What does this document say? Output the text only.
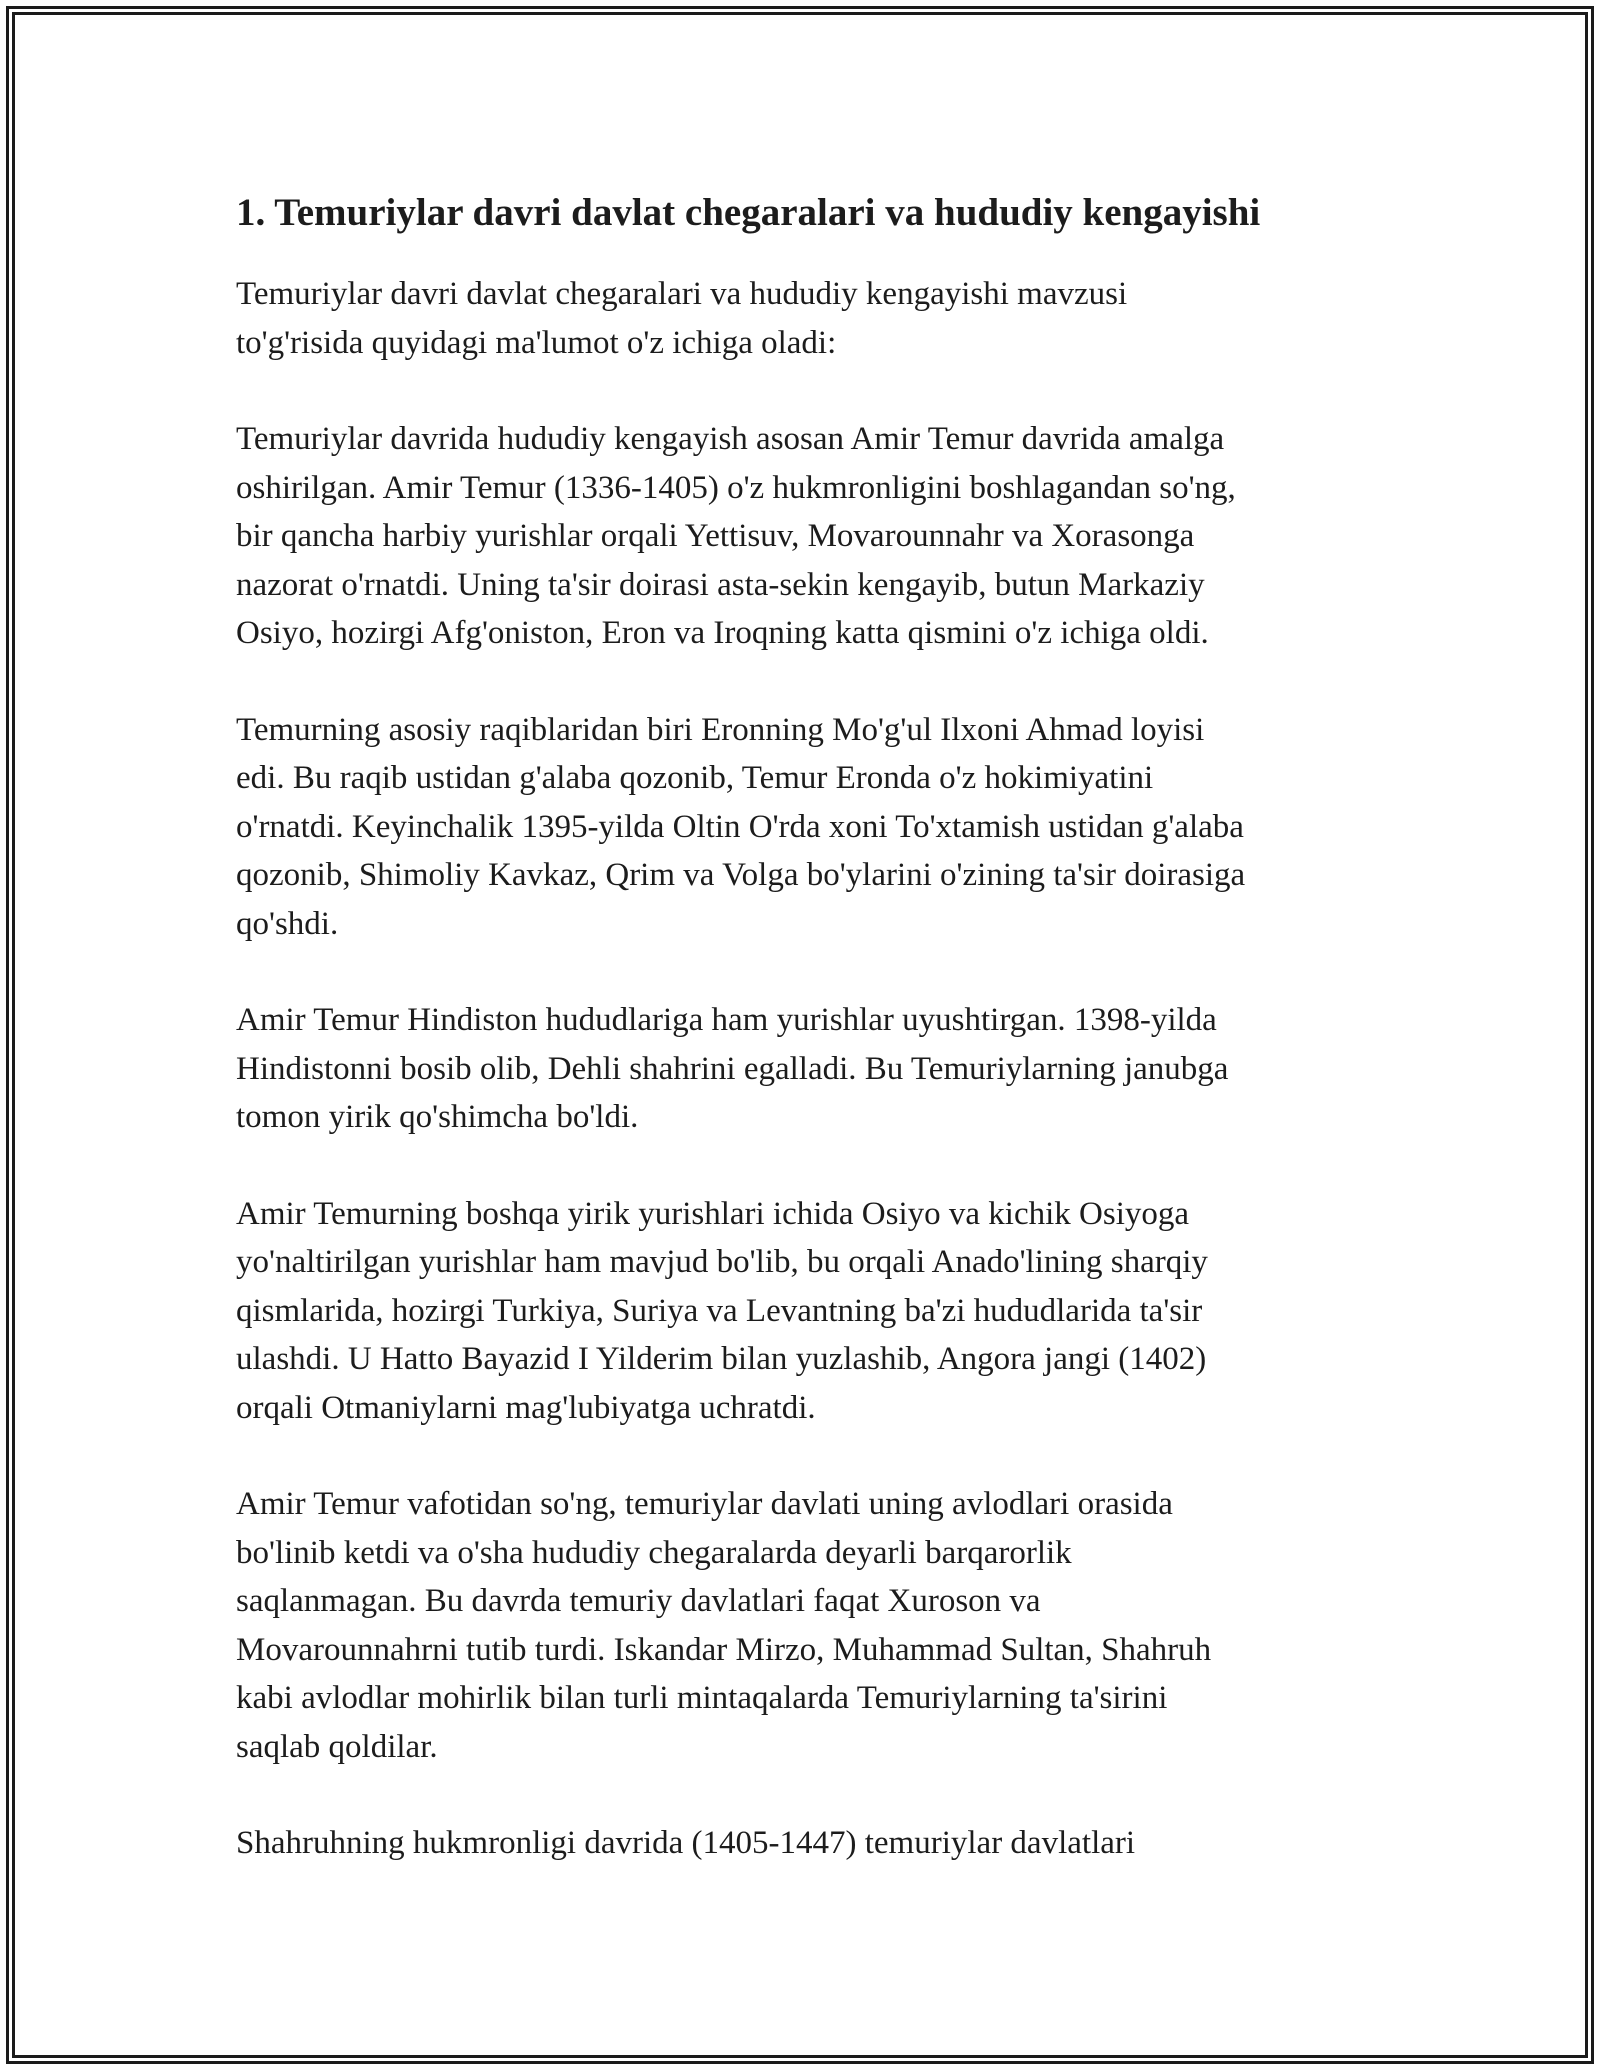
1. Temuriylar davri davlat chegaralari va hududiy kengayishi

Temuriylar davri davlat chegaralari va hududiy kengayishi mavzusi
to'g'risida quyidagi ma'lumot o'z ichiga oladi:

Temuriylar davrida hududiy kengayish asosan Amir Temur davrida amalga
oshirilgan. Amir Temur (1336-1405) o'z hukmronligini boshlagandan so'ng,
bir qancha harbiy yurishlar orqali Yettisuv, Movarounnahr va Xorasonga
nazorat o'rnatdi. Uning ta'sir doirasi asta-sekin kengayib, butun Markaziy
Osiyo, hozirgi Afg'oniston, Eron va Iroqning katta qismini o'z ichiga oldi.

Temurning asosiy raqiblaridan biri Eronning Mo'g'ul Ilxoni Ahmad loyisi
edi. Bu raqib ustidan g'alaba qozonib, Temur Eronda o'z hokimiyatini
o'rnatdi. Keyinchalik 1395-yilda Oltin O'rda xoni To'xtamish ustidan g'alaba
qozonib, Shimoliy Kavkaz, Qrim va Volga bo'ylarini o'zining ta'sir doirasiga
qo'shdi.

Amir Temur Hindiston hududlariga ham yurishlar uyushtirgan. 1398-yilda
Hindistonni bosib olib, Dehli shahrini egalladi. Bu Temuriylarning janubga
tomon yirik qo'shimcha bo'ldi.

Amir Temurning boshqa yirik yurishlari ichida Osiyo va kichik Osiyoga
yo'naltirilgan yurishlar ham mavjud bo'lib, bu orqali Anado'lining sharqiy
qismlarida, hozirgi Turkiya, Suriya va Levantning ba'zi hududlarida ta'sir
ulashdi. U Hatto Bayazid I Yilderim bilan yuzlashib, Angora jangi (1402)
orqali Otmaniylarni mag'lubiyatga uchratdi.

Amir Temur vafotidan so'ng, temuriylar davlati uning avlodlari orasida
bo'linib ketdi va o'sha hududiy chegaralarda deyarli barqarorlik
saqlanmagan. Bu davrda temuriy davlatlari faqat Xuroson va
Movarounnahrni tutib turdi. Iskandar Mirzo, Muhammad Sultan, Shahruh
kabi avlodlar mohirlik bilan turli mintaqalarda Temuriylarning ta'sirini
saqlab qoldilar.

Shahruhning hukmronligi davrida (1405-1447) temuriylar davlatlari
